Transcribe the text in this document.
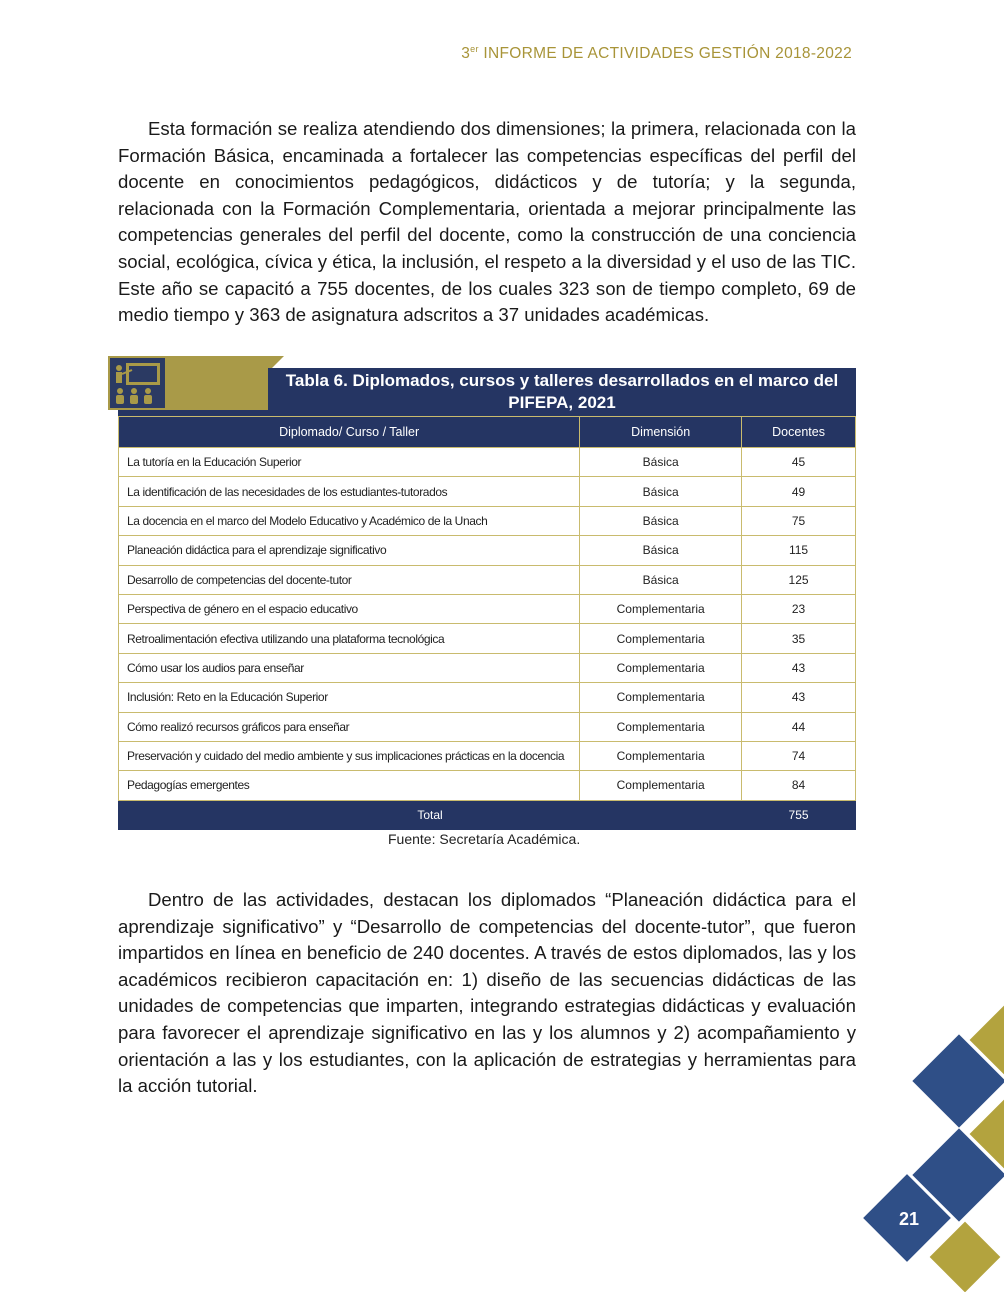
3er INFORME DE ACTIVIDADES GESTIÓN 2018-2022
Esta formación se realiza atendiendo dos dimensiones; la primera, relacionada con la Formación Básica, encaminada a fortalecer las competencias específicas del perfil del docente en conocimientos pedagógicos, didácticos y de tutoría; y la segunda, relacionada con la Formación Complementaria, orientada a mejorar principalmente las competencias generales del perfil del docente, como la construcción de una conciencia social, ecológica, cívica y ética, la inclusión, el respeto a la diversidad y el uso de las TIC. Este año se capacitó a 755 docentes, de los cuales 323 son de tiempo completo, 69 de medio tiempo y 363 de asignatura adscritos a 37 unidades académicas.
Tabla 6. Diplomados, cursos y talleres desarrollados en el marco del
PIFEPA, 2021
Diplomado/ Curso / Taller	Dimensión	Docentes
La tutoría en la Educación Superior	Básica	45
La identificación de las necesidades de los estudiantes-tutorados	Básica	49
La docencia en el marco del Modelo Educativo y Académico de la Unach	Básica	75
Planeación didáctica para el aprendizaje significativo	Básica	115
Desarrollo de competencias del docente-tutor	Básica	125
Perspectiva de género en el espacio educativo	Complementaria	23
Retroalimentación efectiva utilizando una plataforma tecnológica	Complementaria	35
Cómo usar los audios para enseñar	Complementaria	43
Inclusión: Reto en la Educación Superior	Complementaria	43
Cómo realizó recursos gráficos para enseñar	Complementaria	44
Preservación y cuidado del medio ambiente y sus implicaciones prácticas en la docencia	Complementaria	74
Pedagogías emergentes	Complementaria	84
Total		755
Fuente: Secretaría Académica.
Dentro de las actividades, destacan los diplomados “Planeación didáctica para el aprendizaje significativo” y “Desarrollo de competencias del docente-tutor”, que fueron impartidos en línea en beneficio de 240 docentes. A través de estos diplomados, las y los académicos recibieron capacitación en: 1) diseño de las secuencias didácticas de las unidades de competencias que imparten, integrando estrategias didácticas y evaluación para favorecer el aprendizaje significativo en las y los alumnos y 2) acompañamiento y orientación a las y los estudiantes, con la aplicación de estrategias y herramientas para la acción tutorial.
21
